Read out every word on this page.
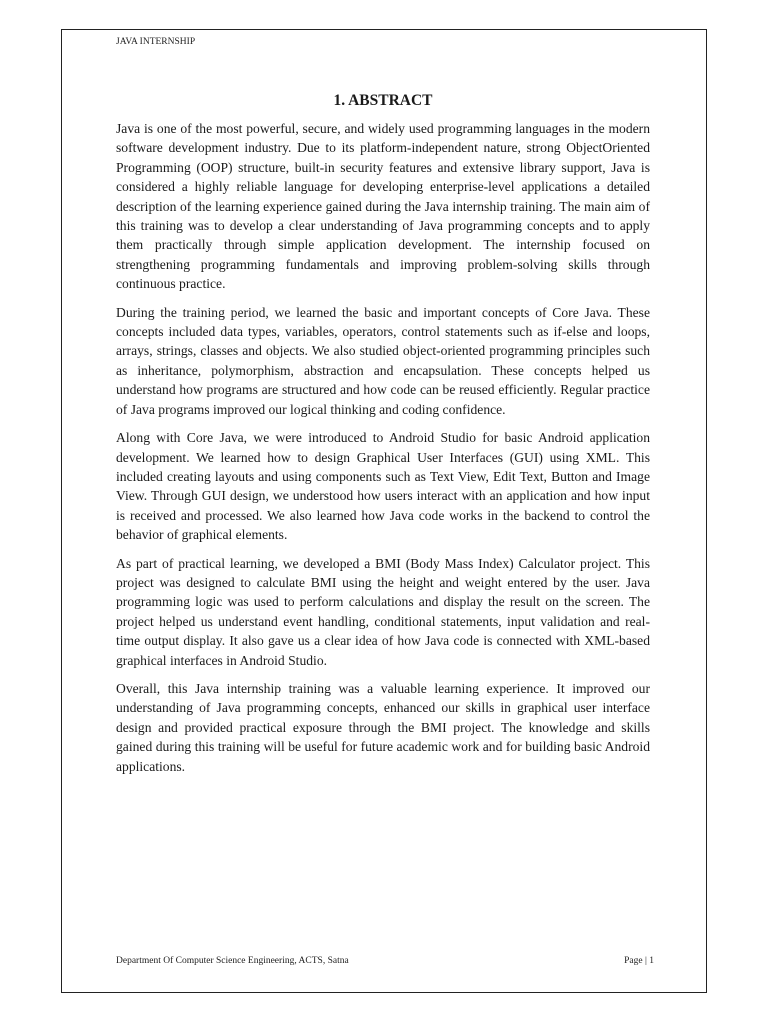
JAVA INTERNSHIP
1. ABSTRACT

Java is one of the most powerful, secure, and widely used programming languages in the modern software development industry. Due to its platform-independent nature, strong ObjectOriented Programming (OOP) structure, built-in security features and extensive library support, Java is considered a highly reliable language for developing enterprise-level applications a detailed description of the learning experience gained during the Java internship training. The main aim of this training was to develop a clear understanding of Java programming concepts and to apply them practically through simple application development. The internship focused on strengthening programming fundamentals and improving problem-solving skills through continuous practice.

During the training period, we learned the basic and important concepts of Core Java. These concepts included data types, variables, operators, control statements such as if-else and loops, arrays, strings, classes and objects. We also studied object-oriented programming principles such as inheritance, polymorphism, abstraction and encapsulation. These concepts helped us understand how programs are structured and how code can be reused efficiently. Regular practice of Java programs improved our logical thinking and coding confidence.

Along with Core Java, we were introduced to Android Studio for basic Android application development. We learned how to design Graphical User Interfaces (GUI) using XML. This included creating layouts and using components such as Text View, Edit Text, Button and Image View. Through GUI design, we understood how users interact with an application and how input is received and processed. We also learned how Java code works in the backend to control the behavior of graphical elements.

As part of practical learning, we developed a BMI (Body Mass Index) Calculator project. This project was designed to calculate BMI using the height and weight entered by the user. Java programming logic was used to perform calculations and display the result on the screen. The project helped us understand event handling, conditional statements, input validation and real-time output display. It also gave us a clear idea of how Java code is connected with XML-based graphical interfaces in Android Studio.

Overall, this Java internship training was a valuable learning experience. It improved our understanding of Java programming concepts, enhanced our skills in graphical user interface design and provided practical exposure through the BMI project. The knowledge and skills gained during this training will be useful for future academic work and for building basic Android applications.

Department Of Computer Science Engineering, ACTS, Satna	Page | 1
